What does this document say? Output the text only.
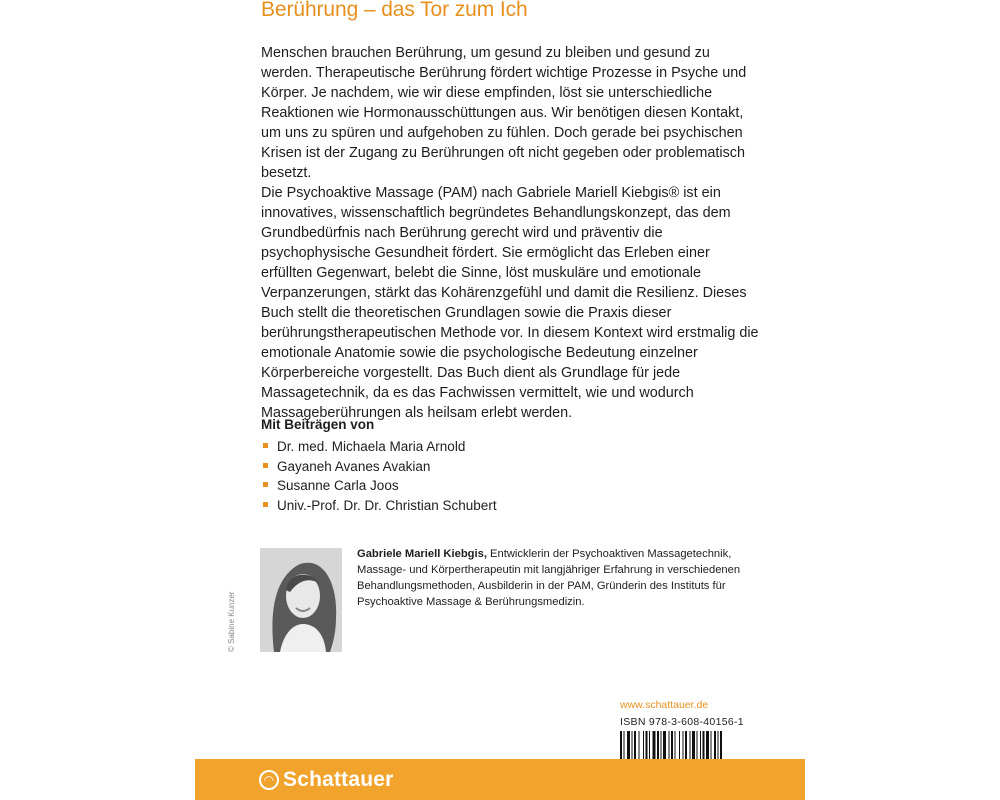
Berührung – das Tor zum Ich

Menschen brauchen Berührung, um gesund zu bleiben und gesund zu werden. Therapeutische Berührung fördert wichtige Prozesse in Psyche und Körper. Je nachdem, wie wir diese empfinden, löst sie unterschiedliche Reaktionen wie Hormonausschüttungen aus. Wir benötigen diesen Kontakt, um uns zu spüren und aufgehoben zu fühlen. Doch gerade bei psychischen Krisen ist der Zugang zu Berührungen oft nicht gegeben oder problematisch besetzt.

Die Psychoaktive Massage (PAM) nach Gabriele Mariell Kiebgis® ist ein innovatives, wissenschaftlich begründetes Behandlungskonzept, das dem Grundbedürfnis nach Berührung gerecht wird und präventiv die psychophysische Gesundheit fördert. Sie ermöglicht das Erleben einer erfüllten Gegenwart, belebt die Sinne, löst muskuläre und emotionale Verpanzerungen, stärkt das Kohärenzgefühl und damit die Resilienz. Dieses Buch stellt die theoretischen Grundlagen sowie die Praxis dieser berührungstherapeutischen Methode vor. In diesem Kontext wird erstmalig die emotionale Anatomie sowie die psychologische Bedeutung einzelner Körperbereiche vorgestellt. Das Buch dient als Grundlage für jede Massagetechnik, da es das Fachwissen vermittelt, wie und wodurch Massageberührungen als heilsam erlebt werden.

Mit Beiträgen von

Dr. med. Michaela Maria Arnold
Gayaneh Avanes Avakian
Susanne Carla Joos
Univ.-Prof. Dr. Dr. Christian Schubert
© Sabine Kunzer

Gabriele Mariell Kiebgis, Entwicklerin der Psychoaktiven Massagetechnik, Massage- und Körpertherapeutin mit langjähriger Erfahrung in verschiedenen Behandlungsmethoden, Ausbilderin in der PAM, Gründerin des Instituts für Psychoaktive Massage & Berührungsmedizin.

www.schattauer.de
ISBN 978-3-608-40156-1
◠ Schattauer
